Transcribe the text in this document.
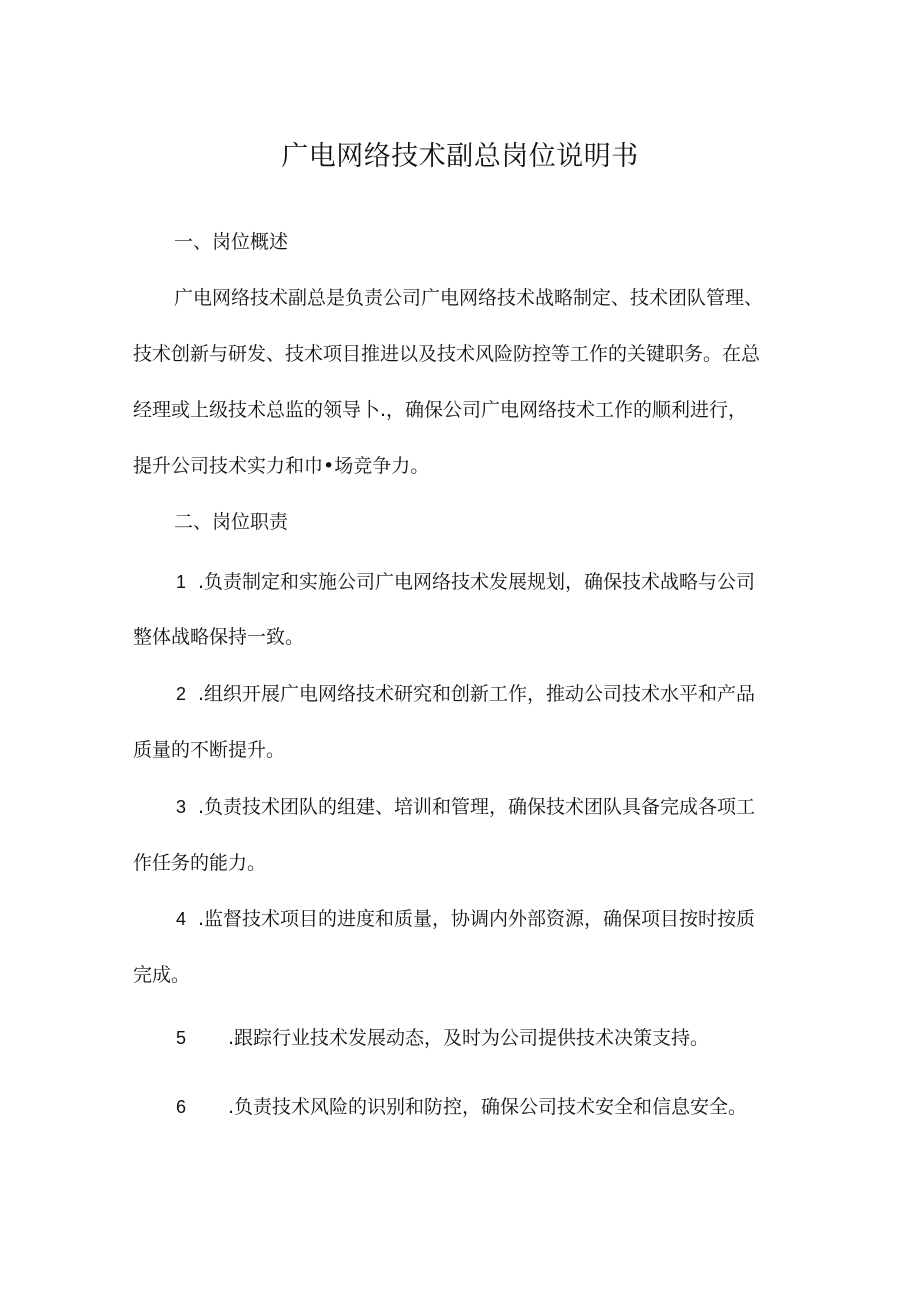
广电网络技术副总岗位说明书
一、岗位概述
广电网络技术副总是负责公司广电网络技术战略制定、技术团队管理、
技术创新与研发、技术项目推进以及技术风险防控等工作的关键职务。在总
经理或上级技术总监的领导卜.，确保公司广电网络技术工作的顺利进行，
提升公司技术实力和巾•场竞争力。
二、岗位职责
1 .负责制定和实施公司广电网络技术发展规划，确保技术战略与公司
整体战略保持一致。
2 .组织开展广电网络技术研究和创新工作，推动公司技术水平和产品
质量的不断提升。
3 .负责技术团队的组建、培训和管理，确保技术团队具备完成各项工
作任务的能力。
4 .监督技术项目的进度和质量，协调内外部资源，确保项目按时按质
完成。
5 .跟踪行业技术发展动态，及时为公司提供技术决策支持。
6 .负责技术风险的识别和防控，确保公司技术安全和信息安全。
